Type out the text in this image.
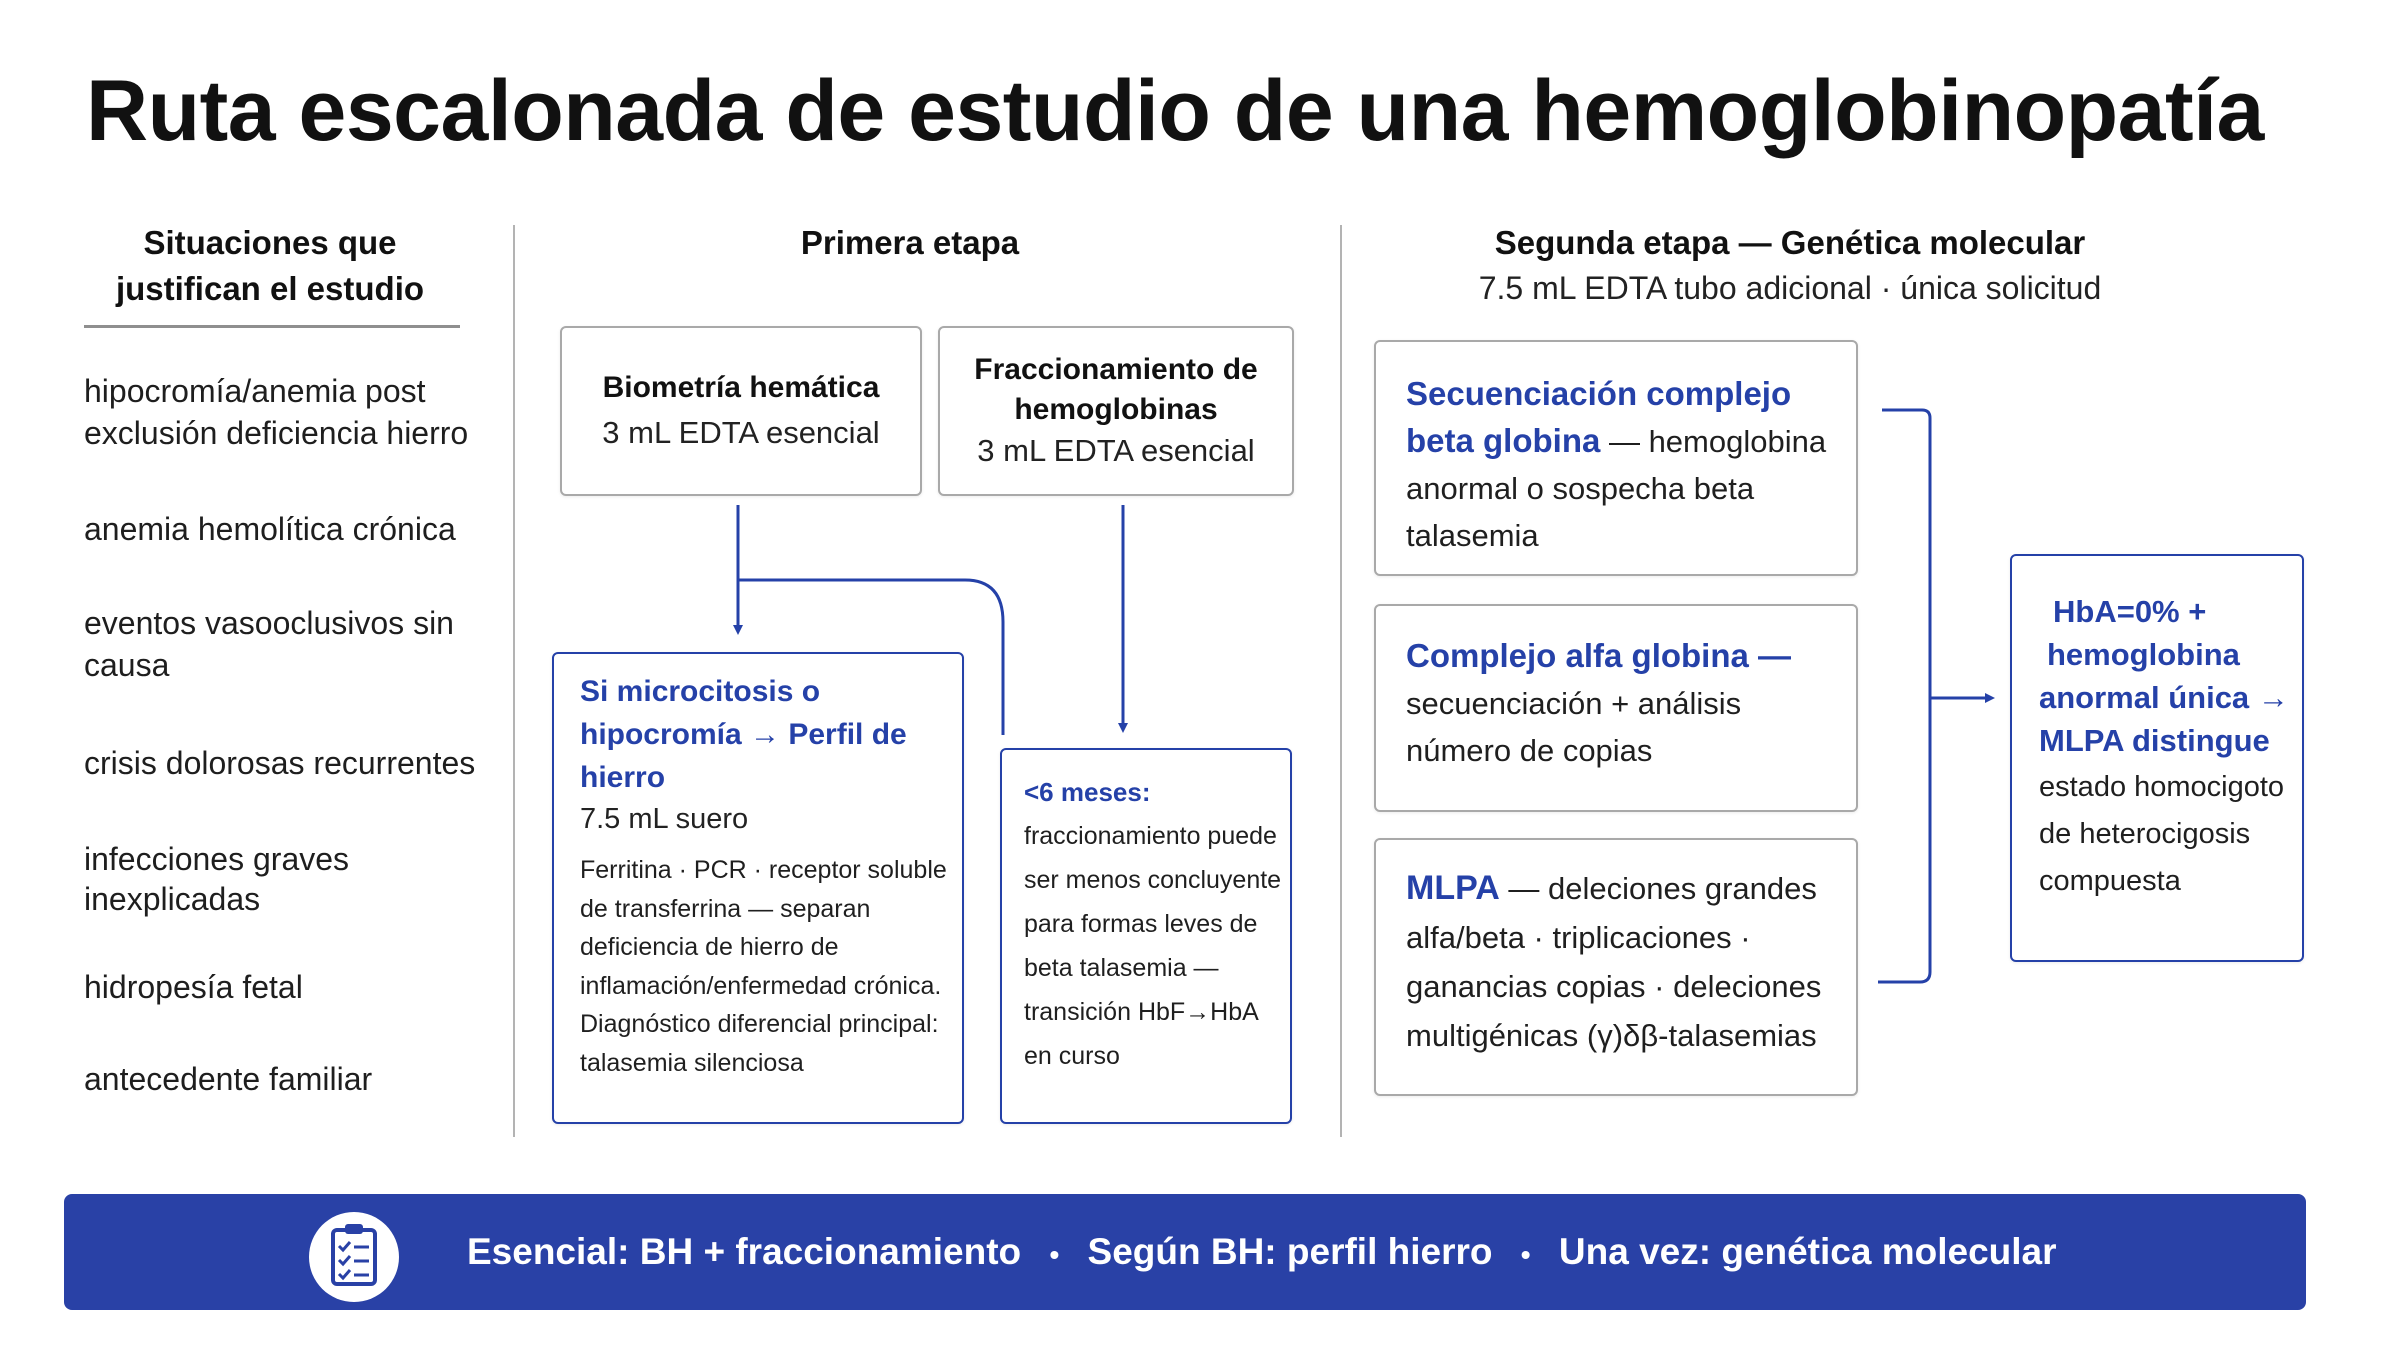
Ruta escalonada de estudio de una hemoglobinopatía
Situaciones que
justifican el estudio
hipocromía/anemia post
exclusión deficiencia hierro
anemia hemolítica crónica
eventos vasooclusivos sin
causa
crisis dolorosas recurrentes
infecciones graves
inexplicadas
hidropesía fetal
antecedente familiar
Primera etapa
Biometría hemática
3 mL EDTA esencial
Fraccionamiento de
hemoglobinas
3 mL EDTA esencial
Si microcitosis o
hipocromía → Perfil de
hierro
7.5 mL suero
Ferritina · PCR · receptor soluble
de transferrina — separan
deficiencia de hierro de
inflamación/enfermedad crónica.
Diagnóstico diferencial principal:
talasemia silenciosa
<6 meses:
fraccionamiento puede
ser menos concluyente
para formas leves de
beta talasemia —
transición HbF→HbA
en curso
Segunda etapa — Genética molecular
7.5 mL EDTA tubo adicional · única solicitud
Secuenciación complejo
beta globina — hemoglobina
anormal o sospecha beta
talasemia
Complejo alfa globina —
secuenciación + análisis
número de copias
MLPA — deleciones grandes
alfa/beta · triplicaciones ·
ganancias copias · deleciones
multigénicas (γ)δβ-talasemias
HbA=0% +
hemoglobina
anormal única →
MLPA distingue
estado homocigoto
de heterocigosis
compuesta
Esencial: BH + fraccionamiento • Según BH: perfil hierro • Una vez: genética molecular
